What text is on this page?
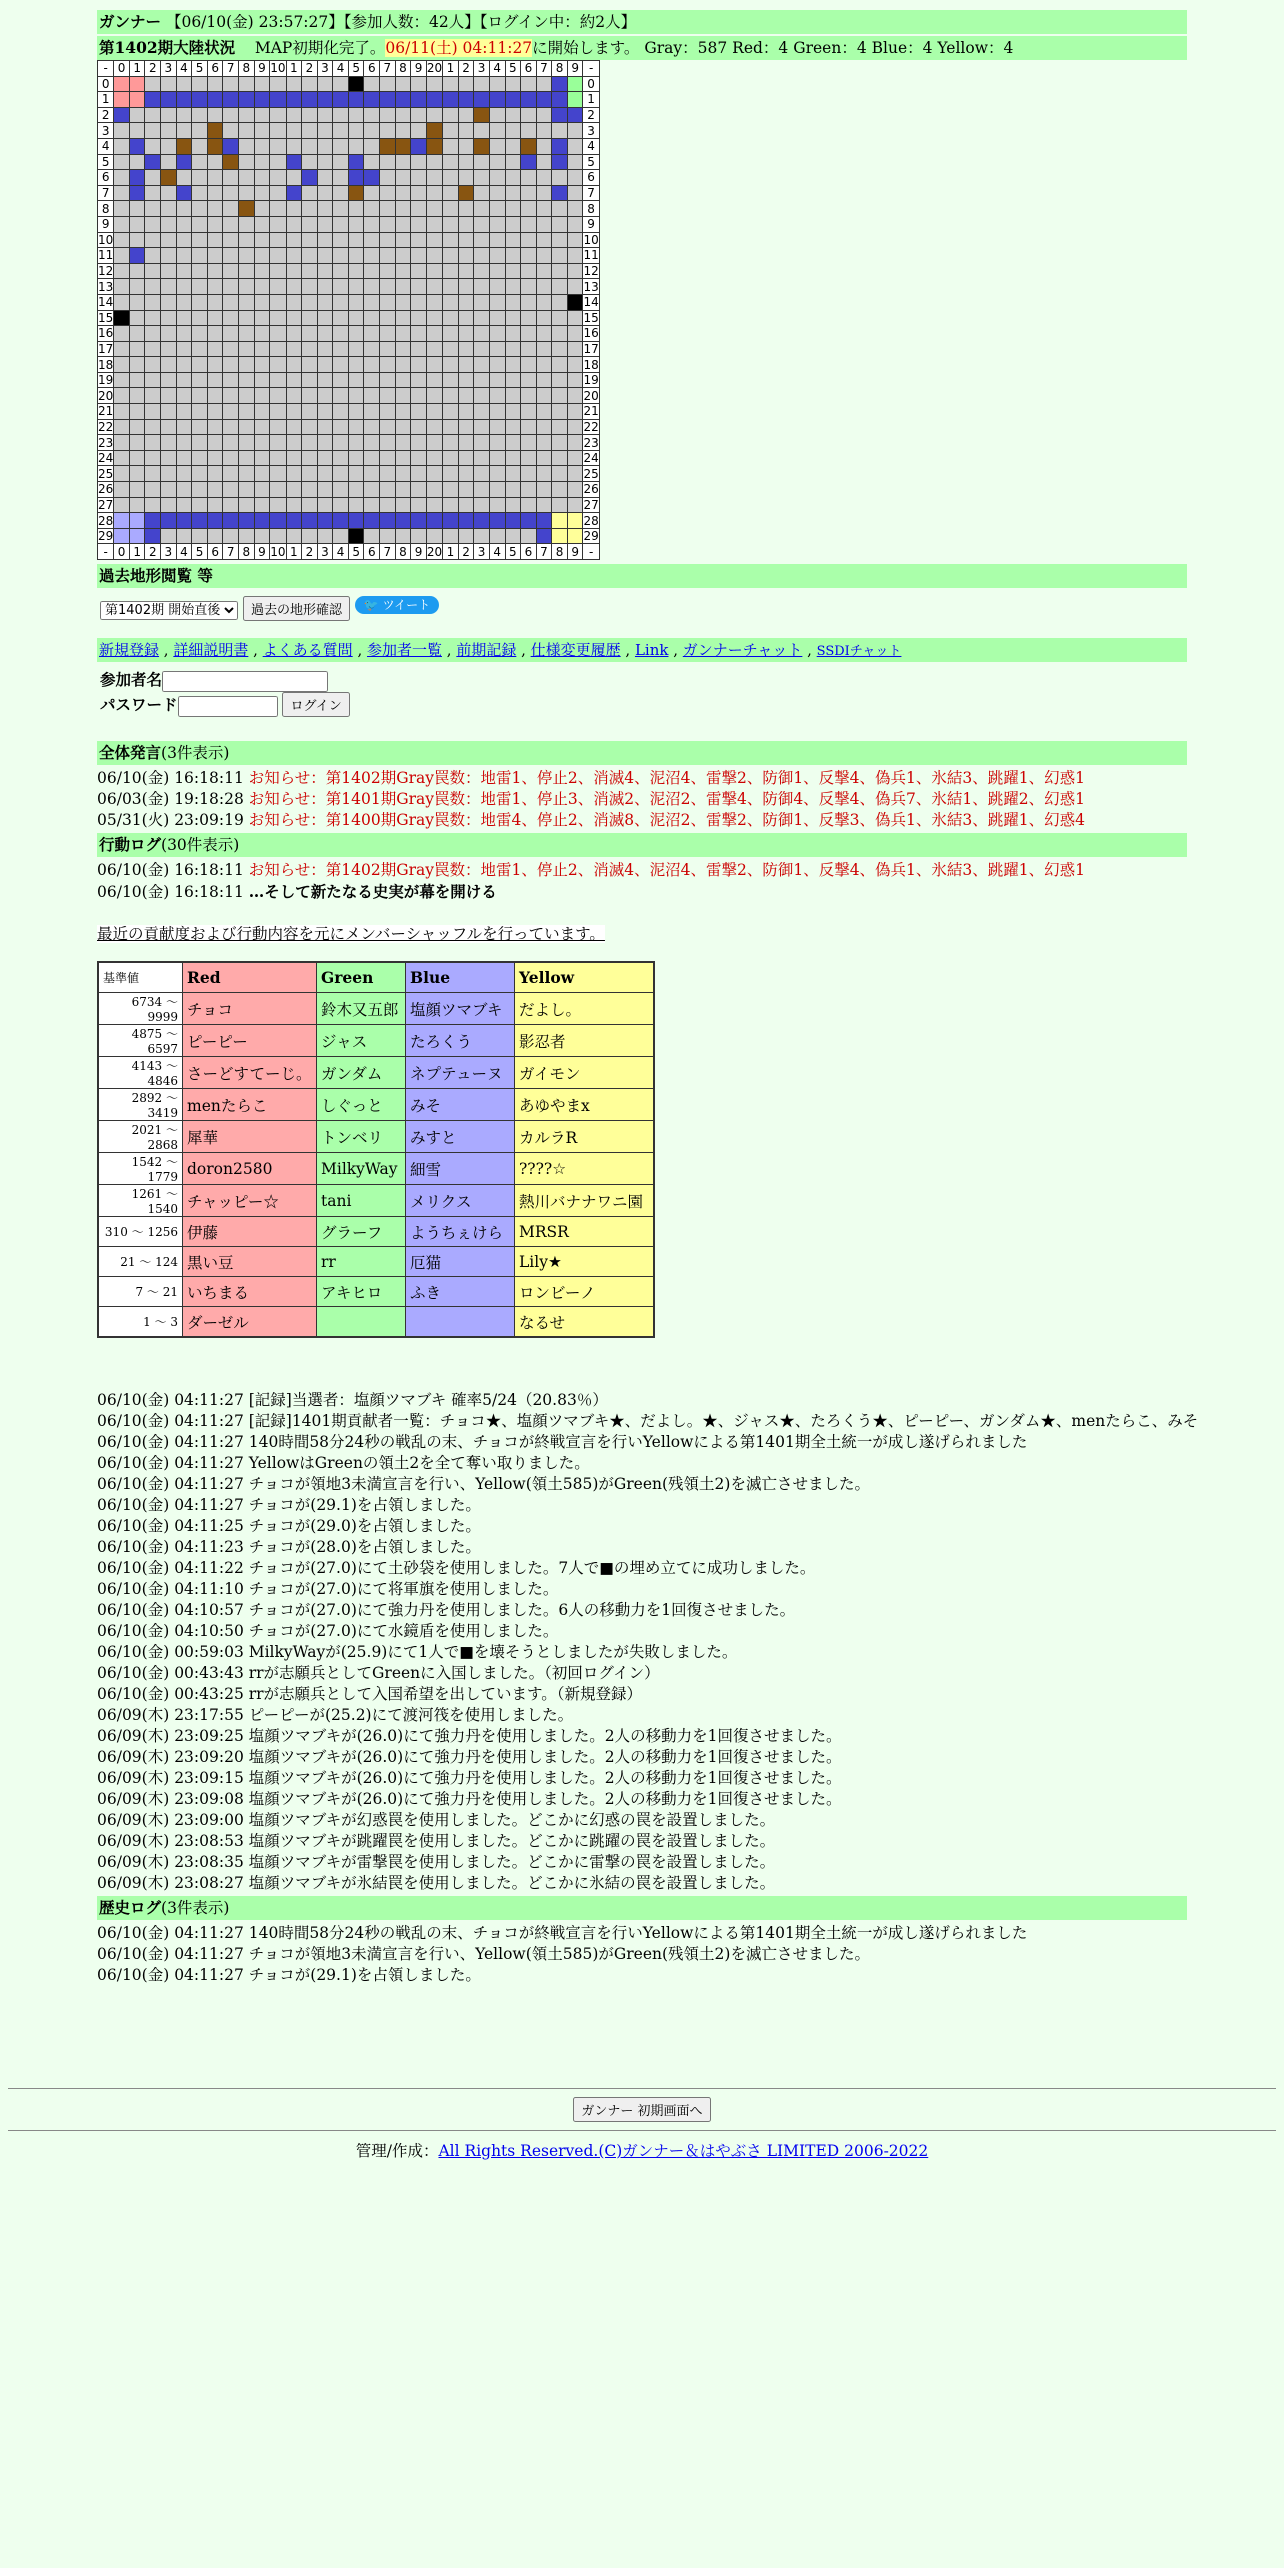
ガンナー 【06/10(金) 23:57:27】【参加人数：42人】【ログイン中：約2人】
第1402期大陸状況 MAP初期化完了。06/11(土) 04:11:27に開始します。 Gray：587 Red：4 Green：4 Blue：4 Yellow：4
-	0	1	2	3	4	5	6	7	8	9	10	1	2	3	4	5	6	7	8	9	20	1	2	3	4	5	6	7	8	9	-
0																															0
1																															1
2																															2
3																															3
4																															4
5																															5
6																															6
7																															7
8																															8
9																															9
10																															10
11																															11
12																															12
13																															13
14																															14
15																															15
16																															16
17																															17
18																															18
19																															19
20																															20
21																															21
22																															22
23																															23
24																															24
25																															25
26																															26
27																															27
28																															28
29																															29
-	0	1	2	3	4	5	6	7	8	9	10	1	2	3	4	5	6	7	8	9	20	1	2	3	4	5	6	7	8	9	-
過去地形閲覧 等
第1402期 開始直後 過去の地形確認 🐦 ツイート
新規登録 , 詳細説明書 , よくある質問 , 参加者一覧 , 前期記録 , 仕様変更履歴 , Link , ガンナーチャット , SSDIチャット
参加者名
パスワード	ログイン
全体発言(3件表示)
06/10(金) 16:18:11 お知らせ：第1402期Gray罠数：地雷1、停止2、消滅4、泥沼4、雷撃2、防御1、反撃4、偽兵1、氷結3、跳躍1、幻惑1
06/03(金) 19:18:28 お知らせ：第1401期Gray罠数：地雷1、停止3、消滅2、泥沼2、雷撃4、防御4、反撃4、偽兵7、氷結1、跳躍2、幻惑1
05/31(火) 23:09:19 お知らせ：第1400期Gray罠数：地雷4、停止2、消滅8、泥沼2、雷撃2、防御1、反撃3、偽兵1、氷結3、跳躍1、幻惑4
行動ログ(30件表示)
06/10(金) 16:18:11 お知らせ：第1402期Gray罠数：地雷1、停止2、消滅4、泥沼4、雷撃2、防御1、反撃4、偽兵1、氷結3、跳躍1、幻惑1
06/10(金) 16:18:11 …そして新たなる史実が幕を開ける
最近の貢献度および行動内容を元にメンバーシャッフルを行っています。
基準値	Red	Green	Blue	Yellow
6734 ～ 9999	チョコ	鈴木又五郎	塩顔ツマブキ	だよし。
4875 ～ 6597	ピーピー	ジャス	たろくう	影忍者
4143 ～ 4846	さーどすてーじ。	ガンダム	ネプテューヌ	ガイモン
2892 ～ 3419	menたらこ	しぐっと	みそ	あゆやまx
2021 ～ 2868	犀華	トンベリ	みすと	カルラR
1542 ～ 1779	doron2580	MilkyWay	細雪	????☆
1261 ～ 1540	チャッピー☆	tani	メリクス	熱川バナナワニ園
310 ～ 1256	伊藤	グラーフ	ようちぇけら	MRSR
21 ～ 124	黒い豆	rr	厄猫	Lily★
7 ～ 21	いちまる	アキヒロ	ふき	ロンビーノ
1 ～ 3	ダーゼル			なるせ
06/10(金) 04:11:27 [記録]当選者：塩顔ツマブキ 確率5/24（20.83％）
06/10(金) 04:11:27 [記録]1401期貢献者一覧：チョコ★、塩顔ツマブキ★、だよし。★、ジャス★、たろくう★、ピーピー、ガンダム★、menたらこ、みそ
06/10(金) 04:11:27 140時間58分24秒の戦乱の末、チョコが終戦宣言を行いYellowによる第1401期全土統一が成し遂げられました
06/10(金) 04:11:27 YellowはGreenの領土2を全て奪い取りました。
06/10(金) 04:11:27 チョコが領地3未満宣言を行い、Yellow(領土585)がGreen(残領土2)を滅亡させました。
06/10(金) 04:11:27 チョコが(29.1)を占領しました。
06/10(金) 04:11:25 チョコが(29.0)を占領しました。
06/10(金) 04:11:23 チョコが(28.0)を占領しました。
06/10(金) 04:11:22 チョコが(27.0)にて土砂袋を使用しました。7人で■の埋め立てに成功しました。
06/10(金) 04:11:10 チョコが(27.0)にて将軍旗を使用しました。
06/10(金) 04:10:57 チョコが(27.0)にて強力丹を使用しました。6人の移動力を1回復させました。
06/10(金) 04:10:50 チョコが(27.0)にて水鏡盾を使用しました。
06/10(金) 00:59:03 MilkyWayが(25.9)にて1人で■を壊そうとしましたが失敗しました。
06/10(金) 00:43:43 rrが志願兵としてGreenに入国しました。（初回ログイン）
06/10(金) 00:43:25 rrが志願兵として入国希望を出しています。（新規登録）
06/09(木) 23:17:55 ピーピーが(25.2)にて渡河筏を使用しました。
06/09(木) 23:09:25 塩顔ツマブキが(26.0)にて強力丹を使用しました。2人の移動力を1回復させました。
06/09(木) 23:09:20 塩顔ツマブキが(26.0)にて強力丹を使用しました。2人の移動力を1回復させました。
06/09(木) 23:09:15 塩顔ツマブキが(26.0)にて強力丹を使用しました。2人の移動力を1回復させました。
06/09(木) 23:09:08 塩顔ツマブキが(26.0)にて強力丹を使用しました。2人の移動力を1回復させました。
06/09(木) 23:09:00 塩顔ツマブキが幻惑罠を使用しました。どこかに幻惑の罠を設置しました。
06/09(木) 23:08:53 塩顔ツマブキが跳躍罠を使用しました。どこかに跳躍の罠を設置しました。
06/09(木) 23:08:35 塩顔ツマブキが雷撃罠を使用しました。どこかに雷撃の罠を設置しました。
06/09(木) 23:08:27 塩顔ツマブキが氷結罠を使用しました。どこかに氷結の罠を設置しました。
歴史ログ(3件表示)
06/10(金) 04:11:27 140時間58分24秒の戦乱の末、チョコが終戦宣言を行いYellowによる第1401期全土統一が成し遂げられました
06/10(金) 04:11:27 チョコが領地3未満宣言を行い、Yellow(領土585)がGreen(残領土2)を滅亡させました。
06/10(金) 04:11:27 チョコが(29.1)を占領しました。
ガンナー 初期画面へ
管理/作成：All Rights Reserved.(C)ガンナー＆はやぶさ LIMITED 2006-2022
